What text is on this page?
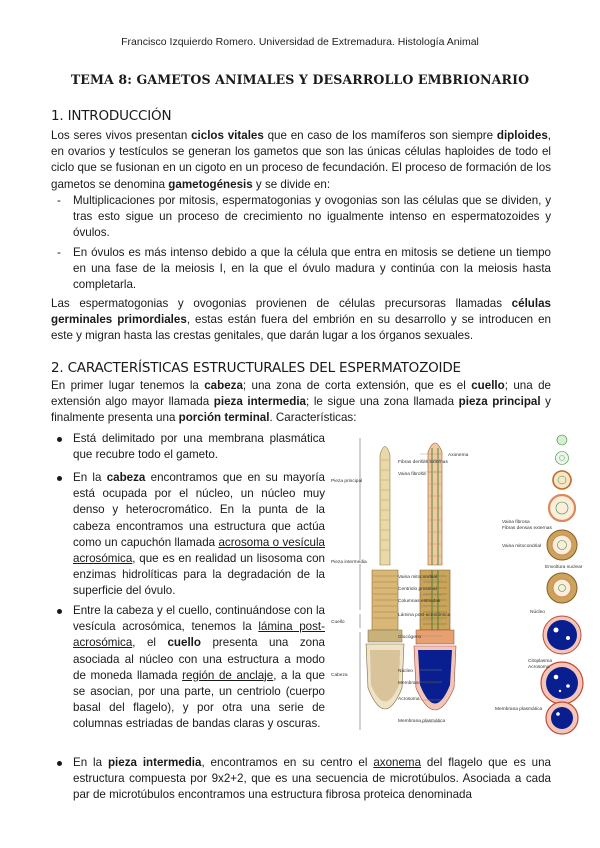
Francisco Izquierdo Romero. Universidad de Extremadura. Histología Animal
TEMA 8: GAMETOS ANIMALES Y DESARROLLO EMBRIONARIO
1. INTRODUCCIÓN

Los seres vivos presentan ciclos vitales que en caso de los mamíferos son siempre diploides, en ovarios y testículos se generan los gametos que son las únicas células haploides de todo el ciclo que se fusionan en un cigoto en un proceso de fecundación. El proceso de formación de los gametos se denomina gametogénesis y se divide en:

- Multiplicaciones por mitosis, espermatogonias y ovogonias son las células que se dividen, y tras esto sigue un proceso de crecimiento no igualmente intenso en espermatozoides y óvulos.
- En óvulos es más intenso debido a que la célula que entra en mitosis se detiene un tiempo en una fase de la meiosis I, en la que el óvulo madura y continúa con la meiosis hasta completarla.

Las espermatogonias y ovogonias provienen de células precursoras llamadas células germinales primordiales, estas están fuera del embrión en su desarrollo y se introducen en este y migran hasta las crestas genitales, que darán lugar a los órganos sexuales.

2. CARACTERÍSTICAS ESTRUCTURALES DEL ESPERMATOZOIDE

En primer lugar tenemos la cabeza; una zona de corta extensión, que es el cuello; una de extensión algo mayor llamada pieza intermedia; le sigue una zona llamada pieza principal y finalmente presenta una porción terminal. Características:

Está delimitado por una membrana plasmática que recubre todo el gameto.
En la cabeza encontramos que en su mayoría está ocupada por el núcleo, un núcleo muy denso y heterocromático. En la punta de la cabeza encontramos una estructura que actúa como un capuchón llamada acrosoma o vesícula acrosómica, que es en realidad un lisosoma con enzimas hidrolíticas para la degradación de la superficie del óvulo.
Entre la cabeza y el cuello, continuándose con la vesícula acrosómica, tenemos la lámina post-acrosómica, el cuello presenta una zona asociada al núcleo con una estructura a modo de moneda llamada región de anclaje, a la que se asocian, por una parte, un centriolo (cuerpo basal del flagelo), y por otra una serie de columnas estriadas de bandas claras y oscuras.
En la pieza intermedia, encontramos en su centro el axonema del flagelo que es una estructura compuesta por 9x2+2, que es una secuencia de microtúbulos. Asociada a cada par de microtúbulos encontramos una estructura fibrosa proteica denominada
Pieza principal
Pieza intermedia
Cuello
Cabeza
Axonema
Fibras densas externas
Vaina fibrosa
Vaina mitocondrial
Centriolo proximal
Columnas estriadas
Lámina post-acrosómica
Glucógeno
Núcleo
Membrana nuclear
Acrosoma
Membrana plasmática
Vaina fibrosa
Fibras densas externas
Vaina mitocondrial
Envoltura nuclear
Núcleo
Citoplasma
Acrosoma
Membrana plasmática
